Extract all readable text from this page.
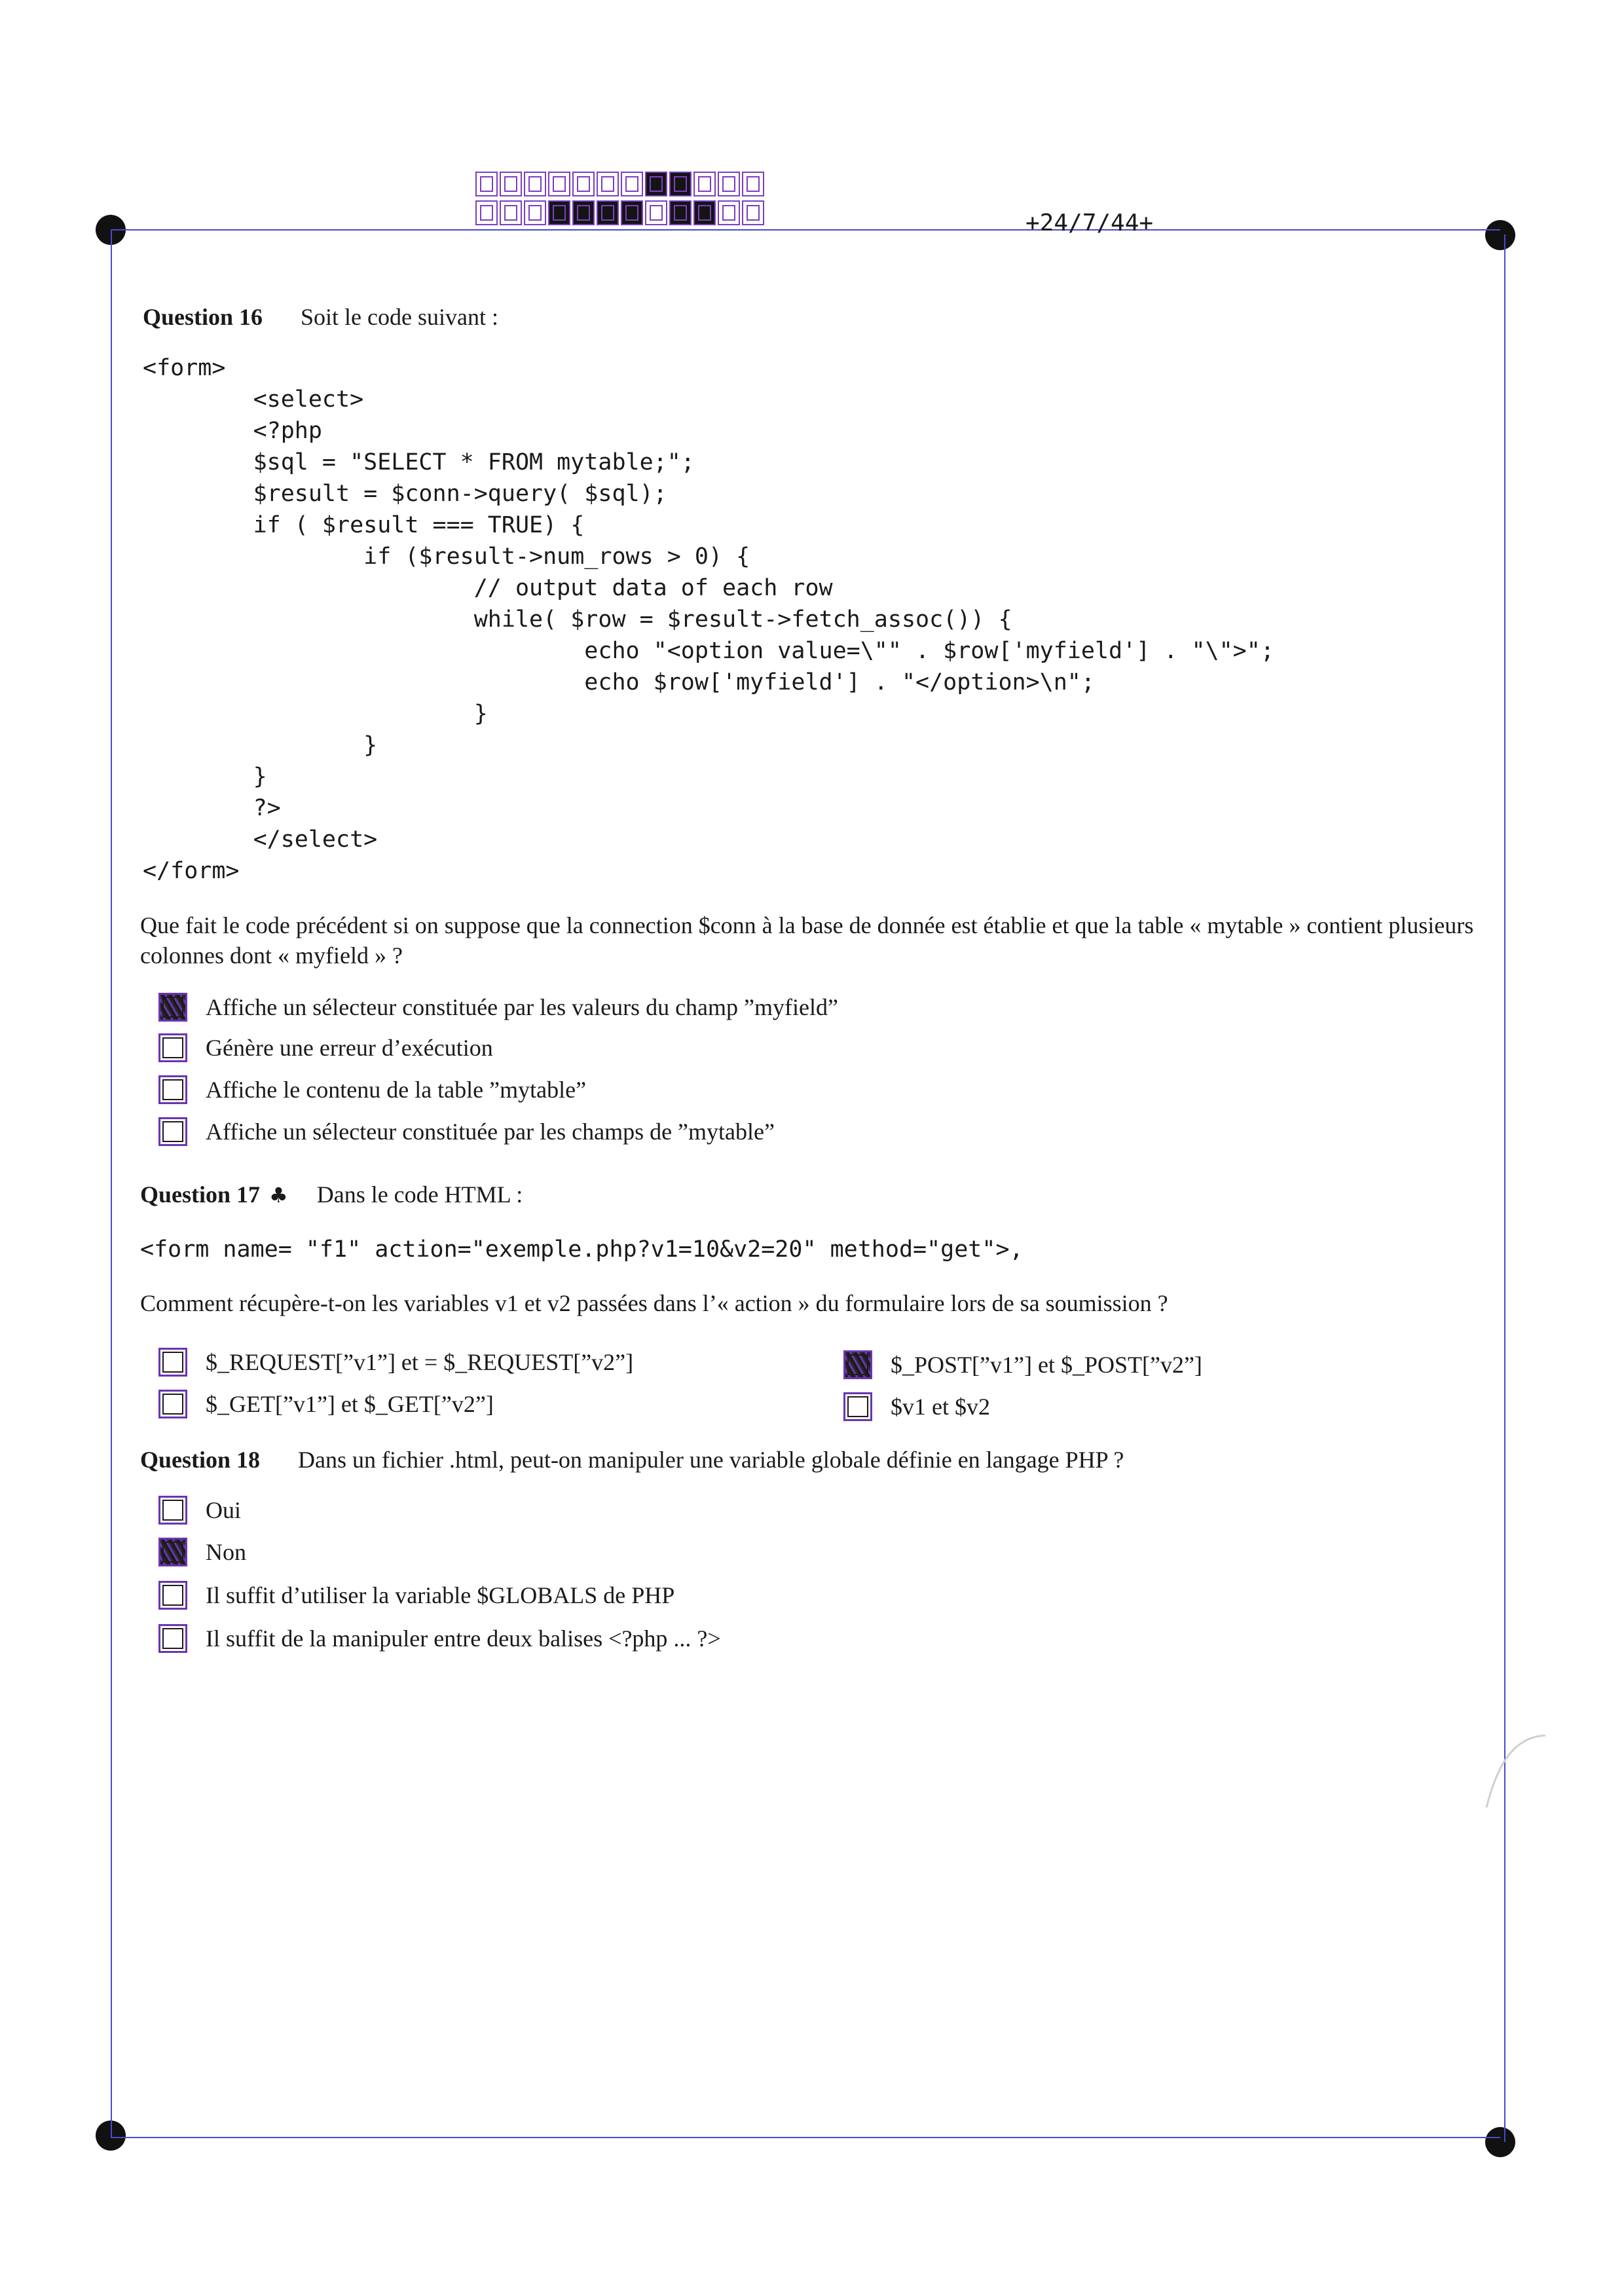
+24/7/44+
Question 16 Soit le code suivant :
<form>
<select>
<?php
$sql = "SELECT * FROM mytable;";
$result = $conn->query( $sql);
if ( $result === TRUE) {
if ($result->num_rows > 0) {
// output data of each row
while( $row = $result->fetch_assoc()) {
echo "<option value=\"" . $row['myfield'] . "\">";
echo $row['myfield'] . "</option>\n";
}
}
}
?>
</select>
</form>
Que fait le code précédent si on suppose que la connection $conn à la base de donnée est établie et que la table « mytable » contient plusieurs colonnes dont « myfield » ?
Affiche un sélecteur constituée par les valeurs du champ ”myfield”
Génère une erreur d’exécution
Affiche le contenu de la table ”mytable”
Affiche un sélecteur constituée par les champs de ”mytable”
Question 17 ♣ Dans le code HTML :
<form name= "f1" action="exemple.php?v1=10&v2=20" method="get">,
Comment récupère-t-on les variables v1 et v2 passées dans l’« action » du formulaire lors de sa soumission ?
$_REQUEST[”v1”] et = $_REQUEST[”v2”]	$_POST[”v1”] et $_POST[”v2”]
$_GET[”v1”] et $_GET[”v2”]	$v1 et $v2
Question 18 Dans un fichier .html, peut-on manipuler une variable globale définie en langage PHP ?
Oui
Non
Il suffit d’utiliser la variable $GLOBALS de PHP
Il suffit de la manipuler entre deux balises <?php ... ?>
